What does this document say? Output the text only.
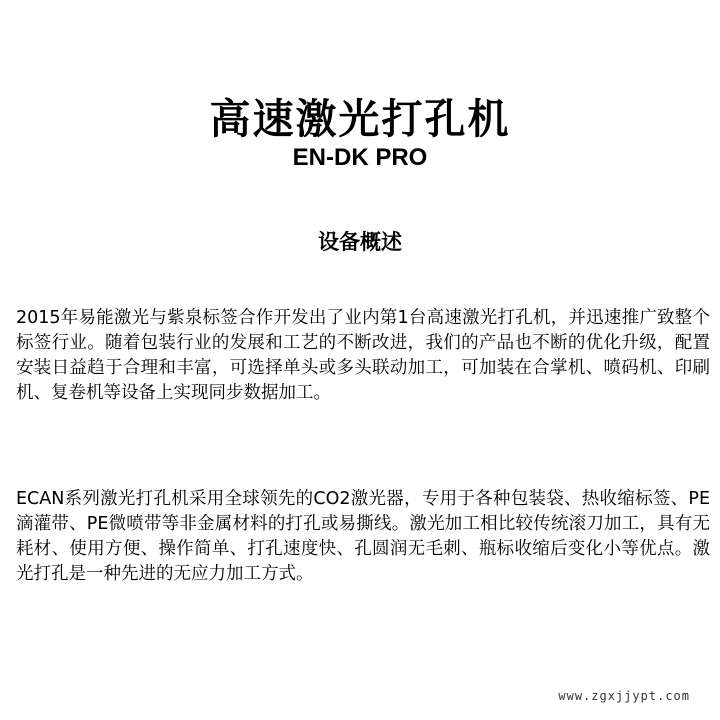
高速激光打孔机
EN-DK PRO
设备概述

2015年易能激光与紫泉标签合作开发出了业内第1台高速激光打孔机，并迅速推广致整个标签行业。随着包装行业的发展和工艺的不断改进，我们的产品也不断的优化升级，配置安装日益趋于合理和丰富，可选择单头或多头联动加工，可加装在合掌机、喷码机、印刷机、复卷机等设备上实现同步数据加工。

ECAN系列激光打孔机采用全球领先的CO2激光器，专用于各种包装袋、热收缩标签、PE滴灌带、PE微喷带等非金属材料的打孔或易撕线。激光加工相比较传统滚刀加工，具有无耗材、使用方便、操作简单、打孔速度快、孔圆润无毛刺、瓶标收缩后变化小等优点。激光打孔是一种先进的无应力加工方式。

www.zgxjjypt.com
